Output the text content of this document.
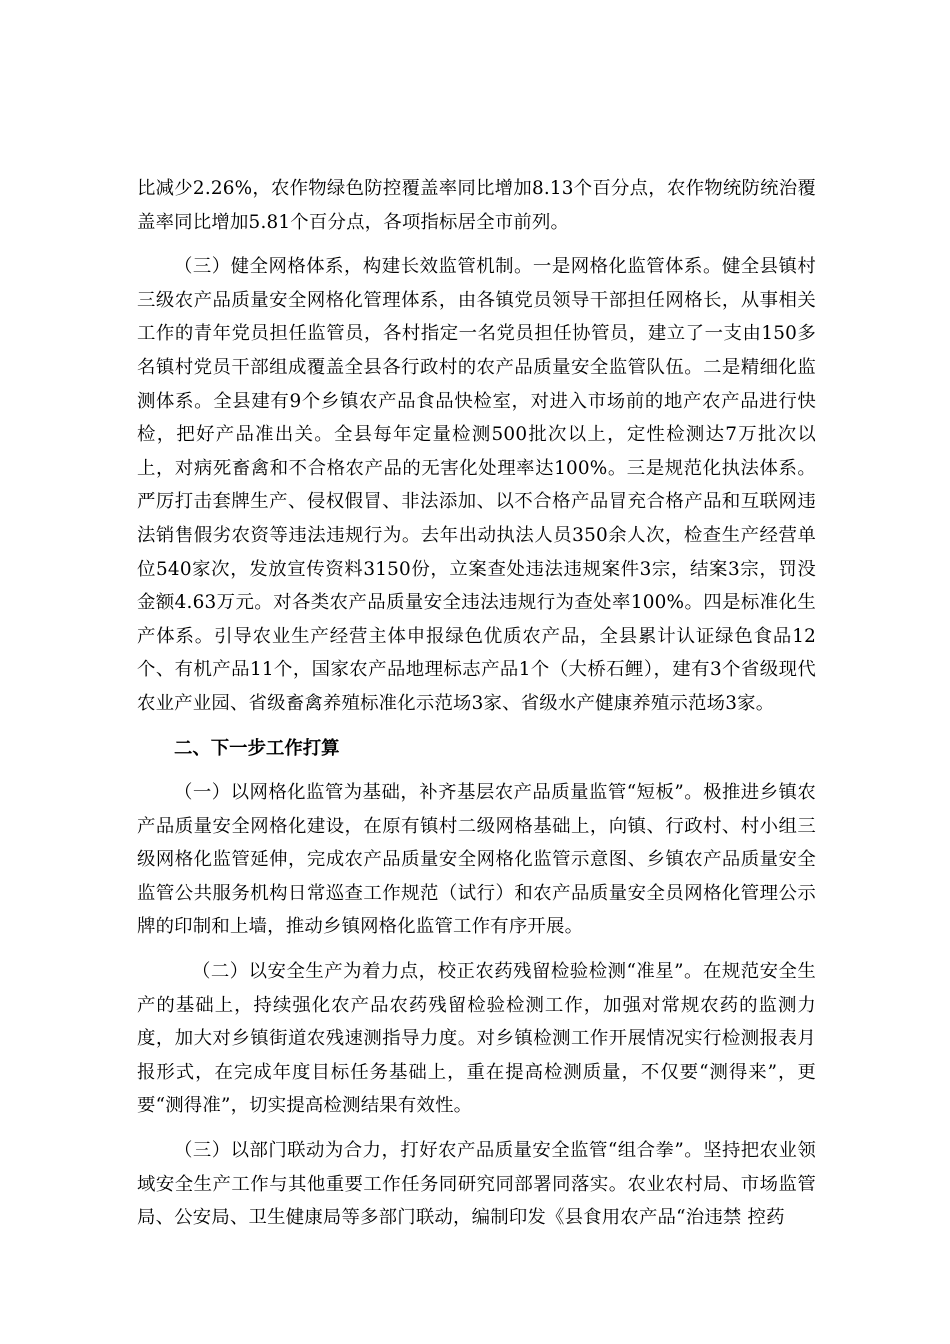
比减少2.26%，农作物绿色防控覆盖率同比增加8.13个百分点，农作物统防统治覆盖率同比增加5.81个百分点，各项指标居全市前列。

（三）健全网格体系，构建长效监管机制。一是网格化监管体系。健全县镇村三级农产品质量安全网格化管理体系，由各镇党员领导干部担任网格长，从事相关工作的青年党员担任监管员，各村指定一名党员担任协管员，建立了一支由150多名镇村党员干部组成覆盖全县各行政村的农产品质量安全监管队伍。二是精细化监测体系。全县建有9个乡镇农产品食品快检室，对进入市场前的地产农产品进行快检，把好产品准出关。全县每年定量检测500批次以上，定性检测达7万批次以上，对病死畜禽和不合格农产品的无害化处理率达100%。三是规范化执法体系。严厉打击套牌生产、侵权假冒、非法添加、以不合格产品冒充合格产品和互联网违法销售假劣农资等违法违规行为。去年出动执法人员350余人次，检查生产经营单位540家次，发放宣传资料3150份，立案查处违法违规案件3宗，结案3宗，罚没金额4.63万元。对各类农产品质量安全违法违规行为查处率100%。四是标准化生产体系。引导农业生产经营主体申报绿色优质农产品，全县累计认证绿色食品12个、有机产品11个，国家农产品地理标志产品1个（大桥石鲤），建有3个省级现代农业产业园、省级畜禽养殖标准化示范场3家、省级水产健康养殖示范场3家。

二、下一步工作打算

（一）以网格化监管为基础，补齐基层农产品质量监管“短板”。极推进乡镇农产品质量安全网格化建设，在原有镇村二级网格基础上，向镇、行政村、村小组三级网格化监管延伸，完成农产品质量安全网格化监管示意图、乡镇农产品质量安全监管公共服务机构日常巡查工作规范（试行）和农产品质量安全员网格化管理公示牌的印制和上墙，推动乡镇网格化监管工作有序开展。

（二）以安全生产为着力点，校正农药残留检验检测“准星”。在规范安全生产的基础上，持续强化农产品农药残留检验检测工作，加强对常规农药的监测力度，加大对乡镇街道农残速测指导力度。对乡镇检测工作开展情况实行检测报表月报形式，在完成年度目标任务基础上，重在提高检测质量，不仅要“测得来”，更要“测得准”，切实提高检测结果有效性。

（三）以部门联动为合力，打好农产品质量安全监管“组合拳”。坚持把农业领域安全生产工作与其他重要工作任务同研究同部署同落实。农业农村局、市场监管局、公安局、卫生健康局等多部门联动，编制印发《县食用农产品“治违禁 控药
